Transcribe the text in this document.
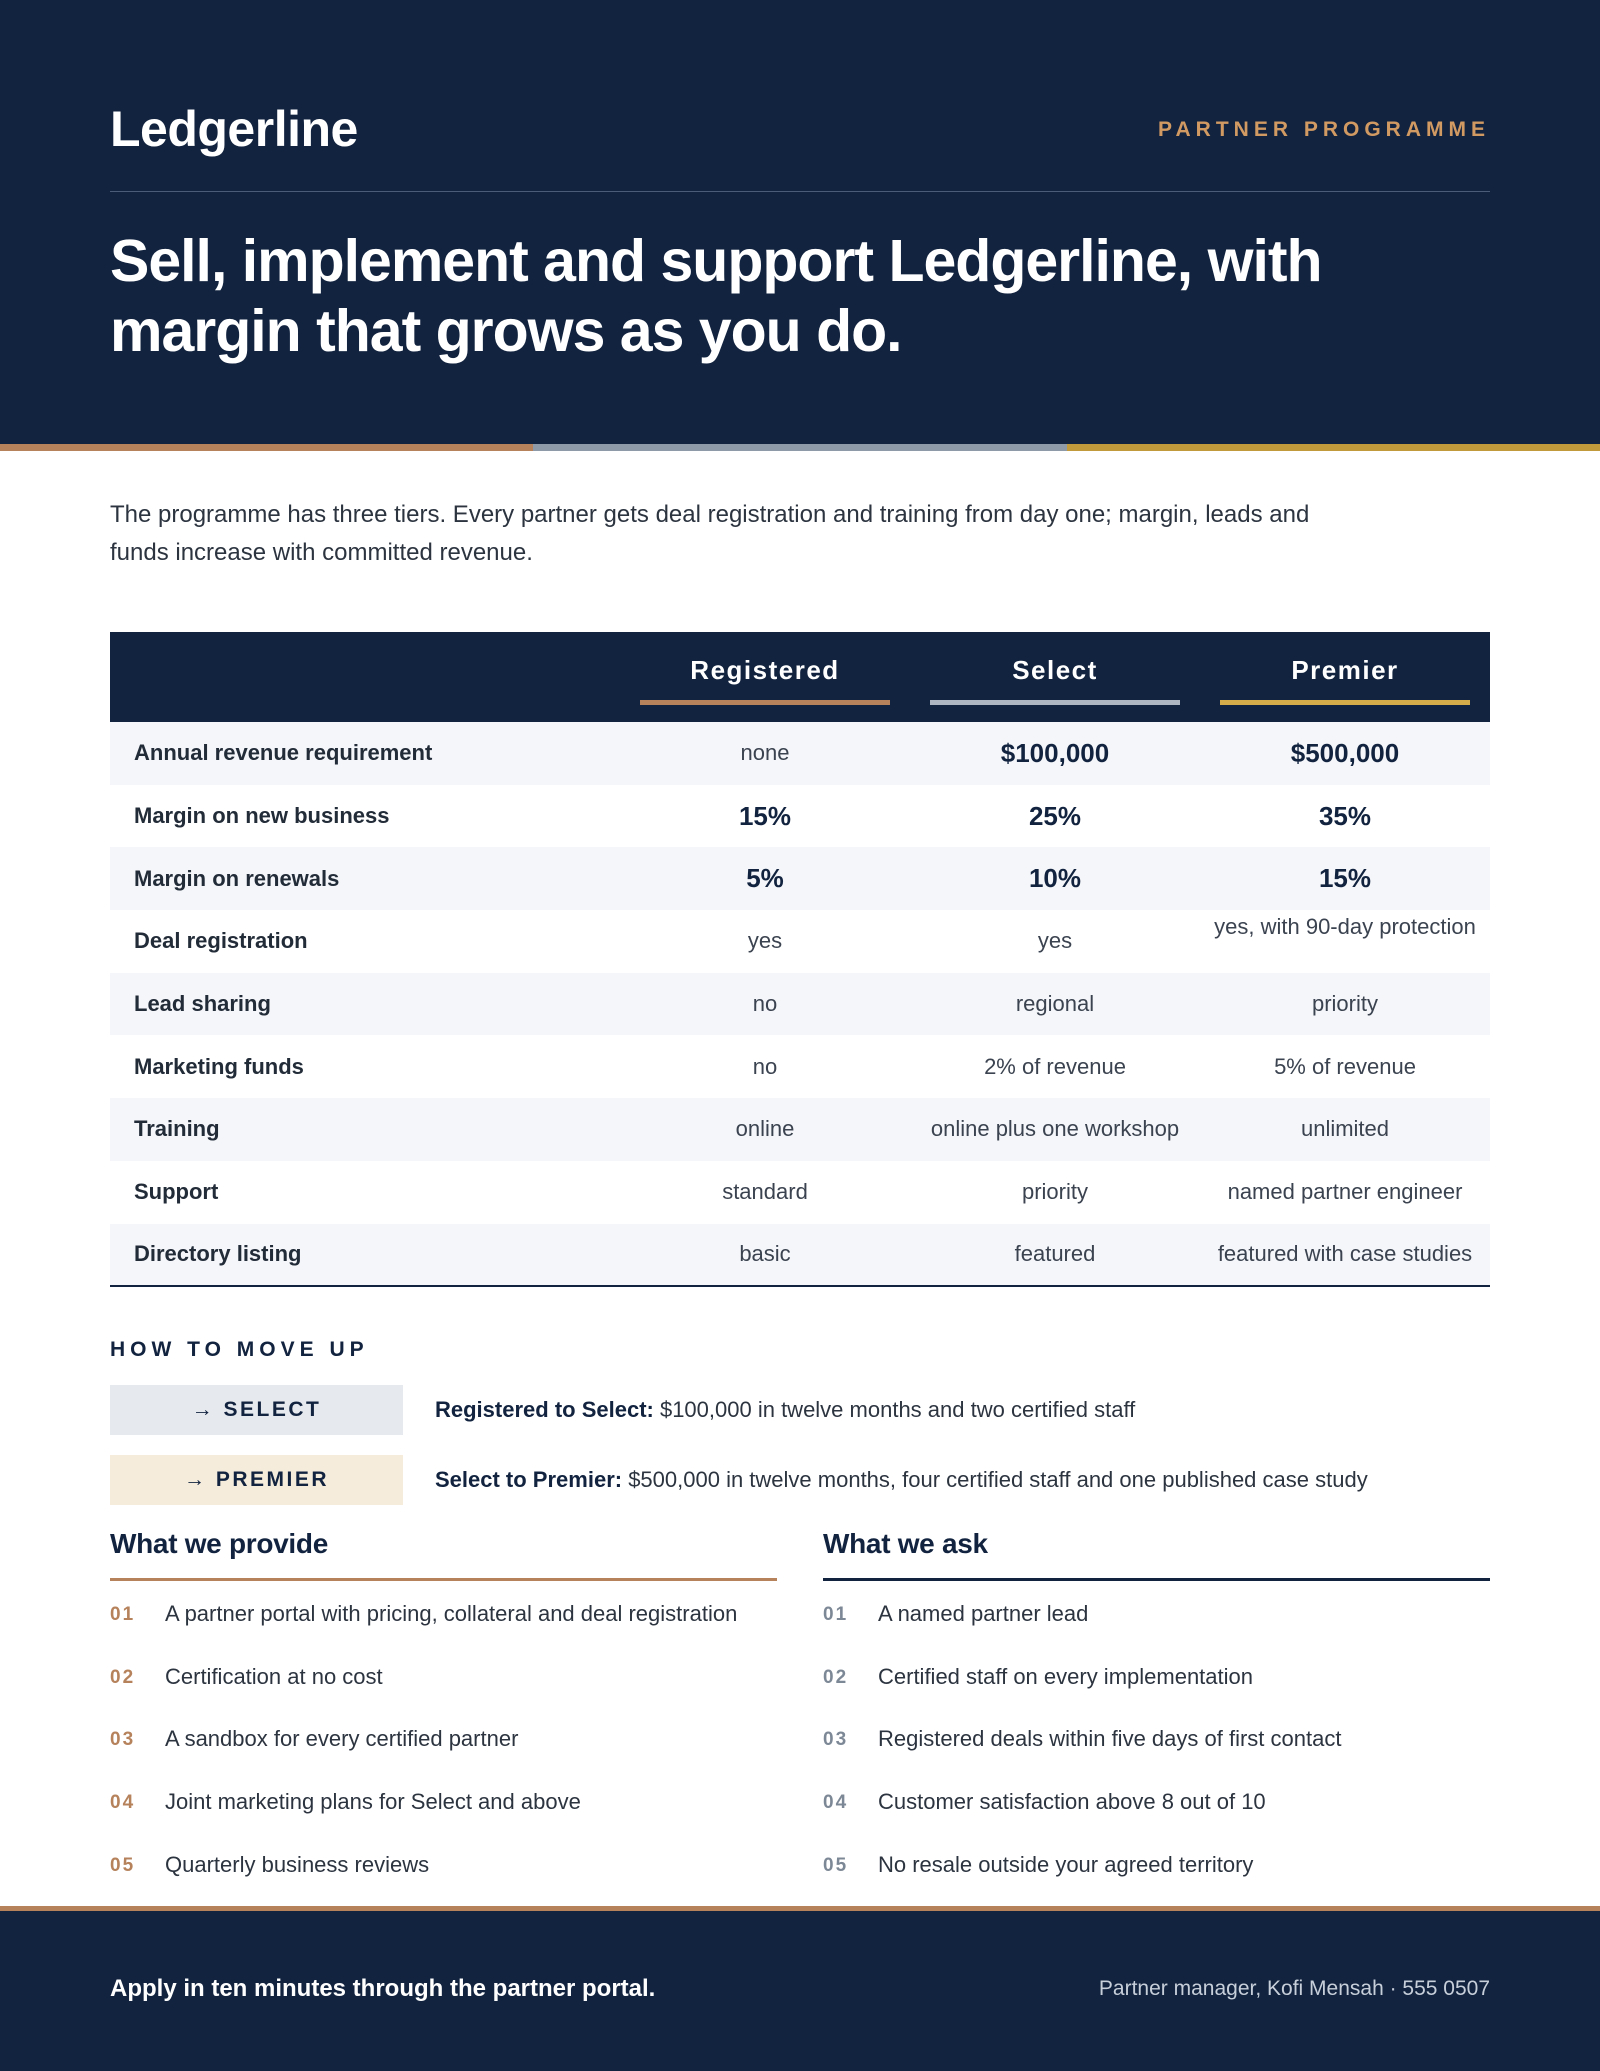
Ledgerline	PARTNER PROGRAMME
Sell, implement and support Ledgerline, with margin that grows as you do.

The programme has three tiers. Every partner gets deal registration and training from day one; margin, leads and funds increase with committed revenue.

	Registered	Select	Premier

Annual revenue requirement	none	$100,000	$500,000
Margin on new business	15%	25%	35%
Margin on renewals	5%	10%	15%
Deal registration	yes	yes	yes, with 90-day protection
Lead sharing	no	regional	priority
Marketing funds	no	2% of revenue	5% of revenue
Training	online	online plus one workshop	unlimited
Support	standard	priority	named partner engineer
Directory listing	basic	featured	featured with case studies
HOW TO MOVE UP
→ SELECT	Registered to Select: $100,000 in twelve months and two certified staff
→ PREMIER	Select to Premier: $500,000 in twelve months, four certified staff and one published case study
What we provide
01	A partner portal with pricing, collateral and deal registration
02	Certification at no cost
03	A sandbox for every certified partner
04	Joint marketing plans for Select and above
05	Quarterly business reviews
What we ask
01	A named partner lead
02	Certified staff on every implementation
03	Registered deals within five days of first contact
04	Customer satisfaction above 8 out of 10
05	No resale outside your agreed territory
Apply in ten minutes through the partner portal.	Partner manager, Kofi Mensah · 555 0507
